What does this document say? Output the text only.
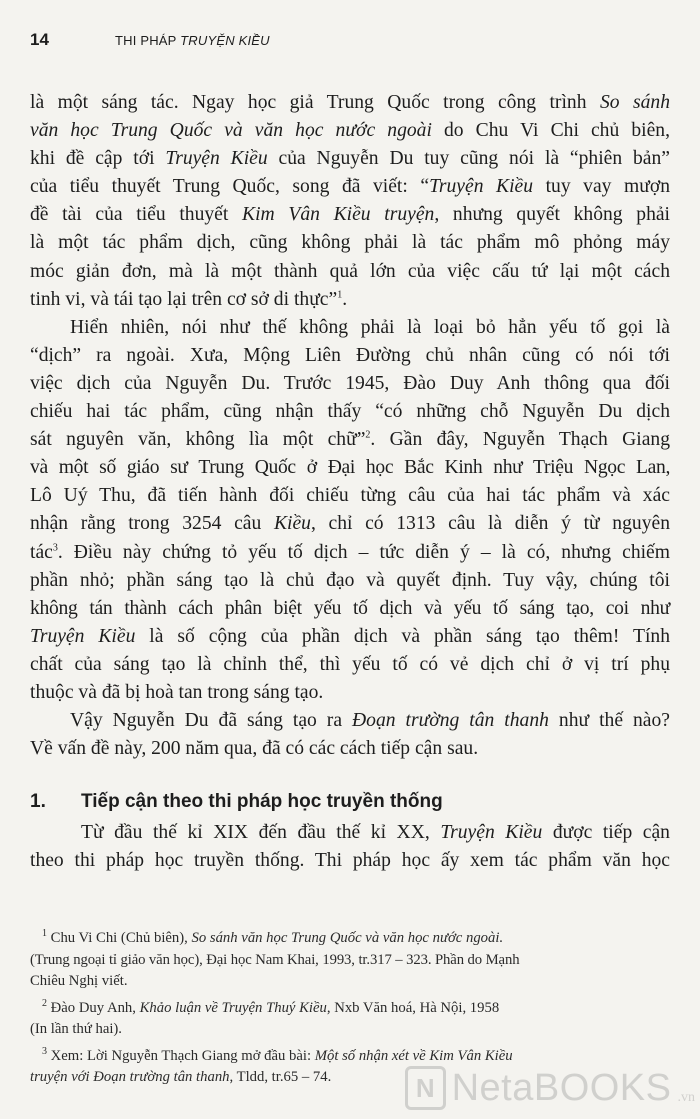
14	THI PHÁP TRUYỆN KIỀU

là một sáng tác. Ngay học giả Trung Quốc trong công trình So sánh
văn học Trung Quốc và văn học nước ngoài do Chu Vi Chi chủ biên,
khi đề cập tới Truyện Kiều của Nguyễn Du tuy cũng nói là “phiên bản”
của tiểu thuyết Trung Quốc, song đã viết: “Truyện Kiều tuy vay mượn
đề tài của tiểu thuyết Kim Vân Kiều truyện, nhưng quyết không phải
là một tác phẩm dịch, cũng không phải là tác phẩm mô phỏng máy
móc giản đơn, mà là một thành quả lớn của việc cấu tứ lại một cách
tinh vi, và tái tạo lại trên cơ sở di thực”$^1$.

Hiển nhiên, nói như thế không phải là loại bỏ hẳn yếu tố gọi là
“dịch” ra ngoài. Xưa, Mộng Liên Đường chủ nhân cũng có nói tới
việc dịch của Nguyễn Du. Trước 1945, Đào Duy Anh thông qua đối
chiếu hai tác phẩm, cũng nhận thấy “có những chỗ Nguyễn Du dịch
sát nguyên văn, không lìa một chữ”$^2$. Gần đây, Nguyễn Thạch Giang
và một số giáo sư Trung Quốc ở Đại học Bắc Kinh như Triệu Ngọc Lan,
Lô Uý Thu, đã tiến hành đối chiếu từng câu của hai tác phẩm và xác
nhận rằng trong 3254 câu Kiều, chỉ có 1313 câu là diễn ý từ nguyên
tác$^3$. Điều này chứng tỏ yếu tố dịch – tức diễn ý – là có, nhưng chiếm
phần nhỏ; phần sáng tạo là chủ đạo và quyết định. Tuy vậy, chúng tôi
không tán thành cách phân biệt yếu tố dịch và yếu tố sáng tạo, coi như
Truyện Kiều là số cộng của phần dịch và phần sáng tạo thêm! Tính
chất của sáng tạo là chỉnh thể, thì yếu tố có vẻ dịch chỉ ở vị trí phụ
thuộc và đã bị hoà tan trong sáng tạo.

Vậy Nguyễn Du đã sáng tạo ra Đoạn trường tân thanh như thế nào?
Về vấn đề này, 200 năm qua, đã có các cách tiếp cận sau.

1. Tiếp cận theo thi pháp học truyền thống
Từ đầu thế kỉ XIX đến đầu thế kỉ XX, Truyện Kiều được tiếp cận
theo thi pháp học truyền thống. Thi pháp học ấy xem tác phẩm văn học
$^1$ Chu Vi Chi (Chủ biên), So sánh văn học Trung Quốc và văn học nước ngoài.
(Trung ngoại tỉ giảo văn học), Đại học Nam Khai, 1993, tr.317 – 323. Phần do Mạnh
Chiêu Nghị viết.
$^2$ Đào Duy Anh, Khảo luận về Truyện Thuý Kiều, Nxb Văn hoá, Hà Nội, 1958
(In lần thứ hai).
$^3$ Xem: Lời Nguyễn Thạch Giang mở đầu bài: Một số nhận xét về Kim Vân Kiều
truyện với Đoạn trường tân thanh, Tldd, tr.65 – 74.	N NetaBOOKS .vn
